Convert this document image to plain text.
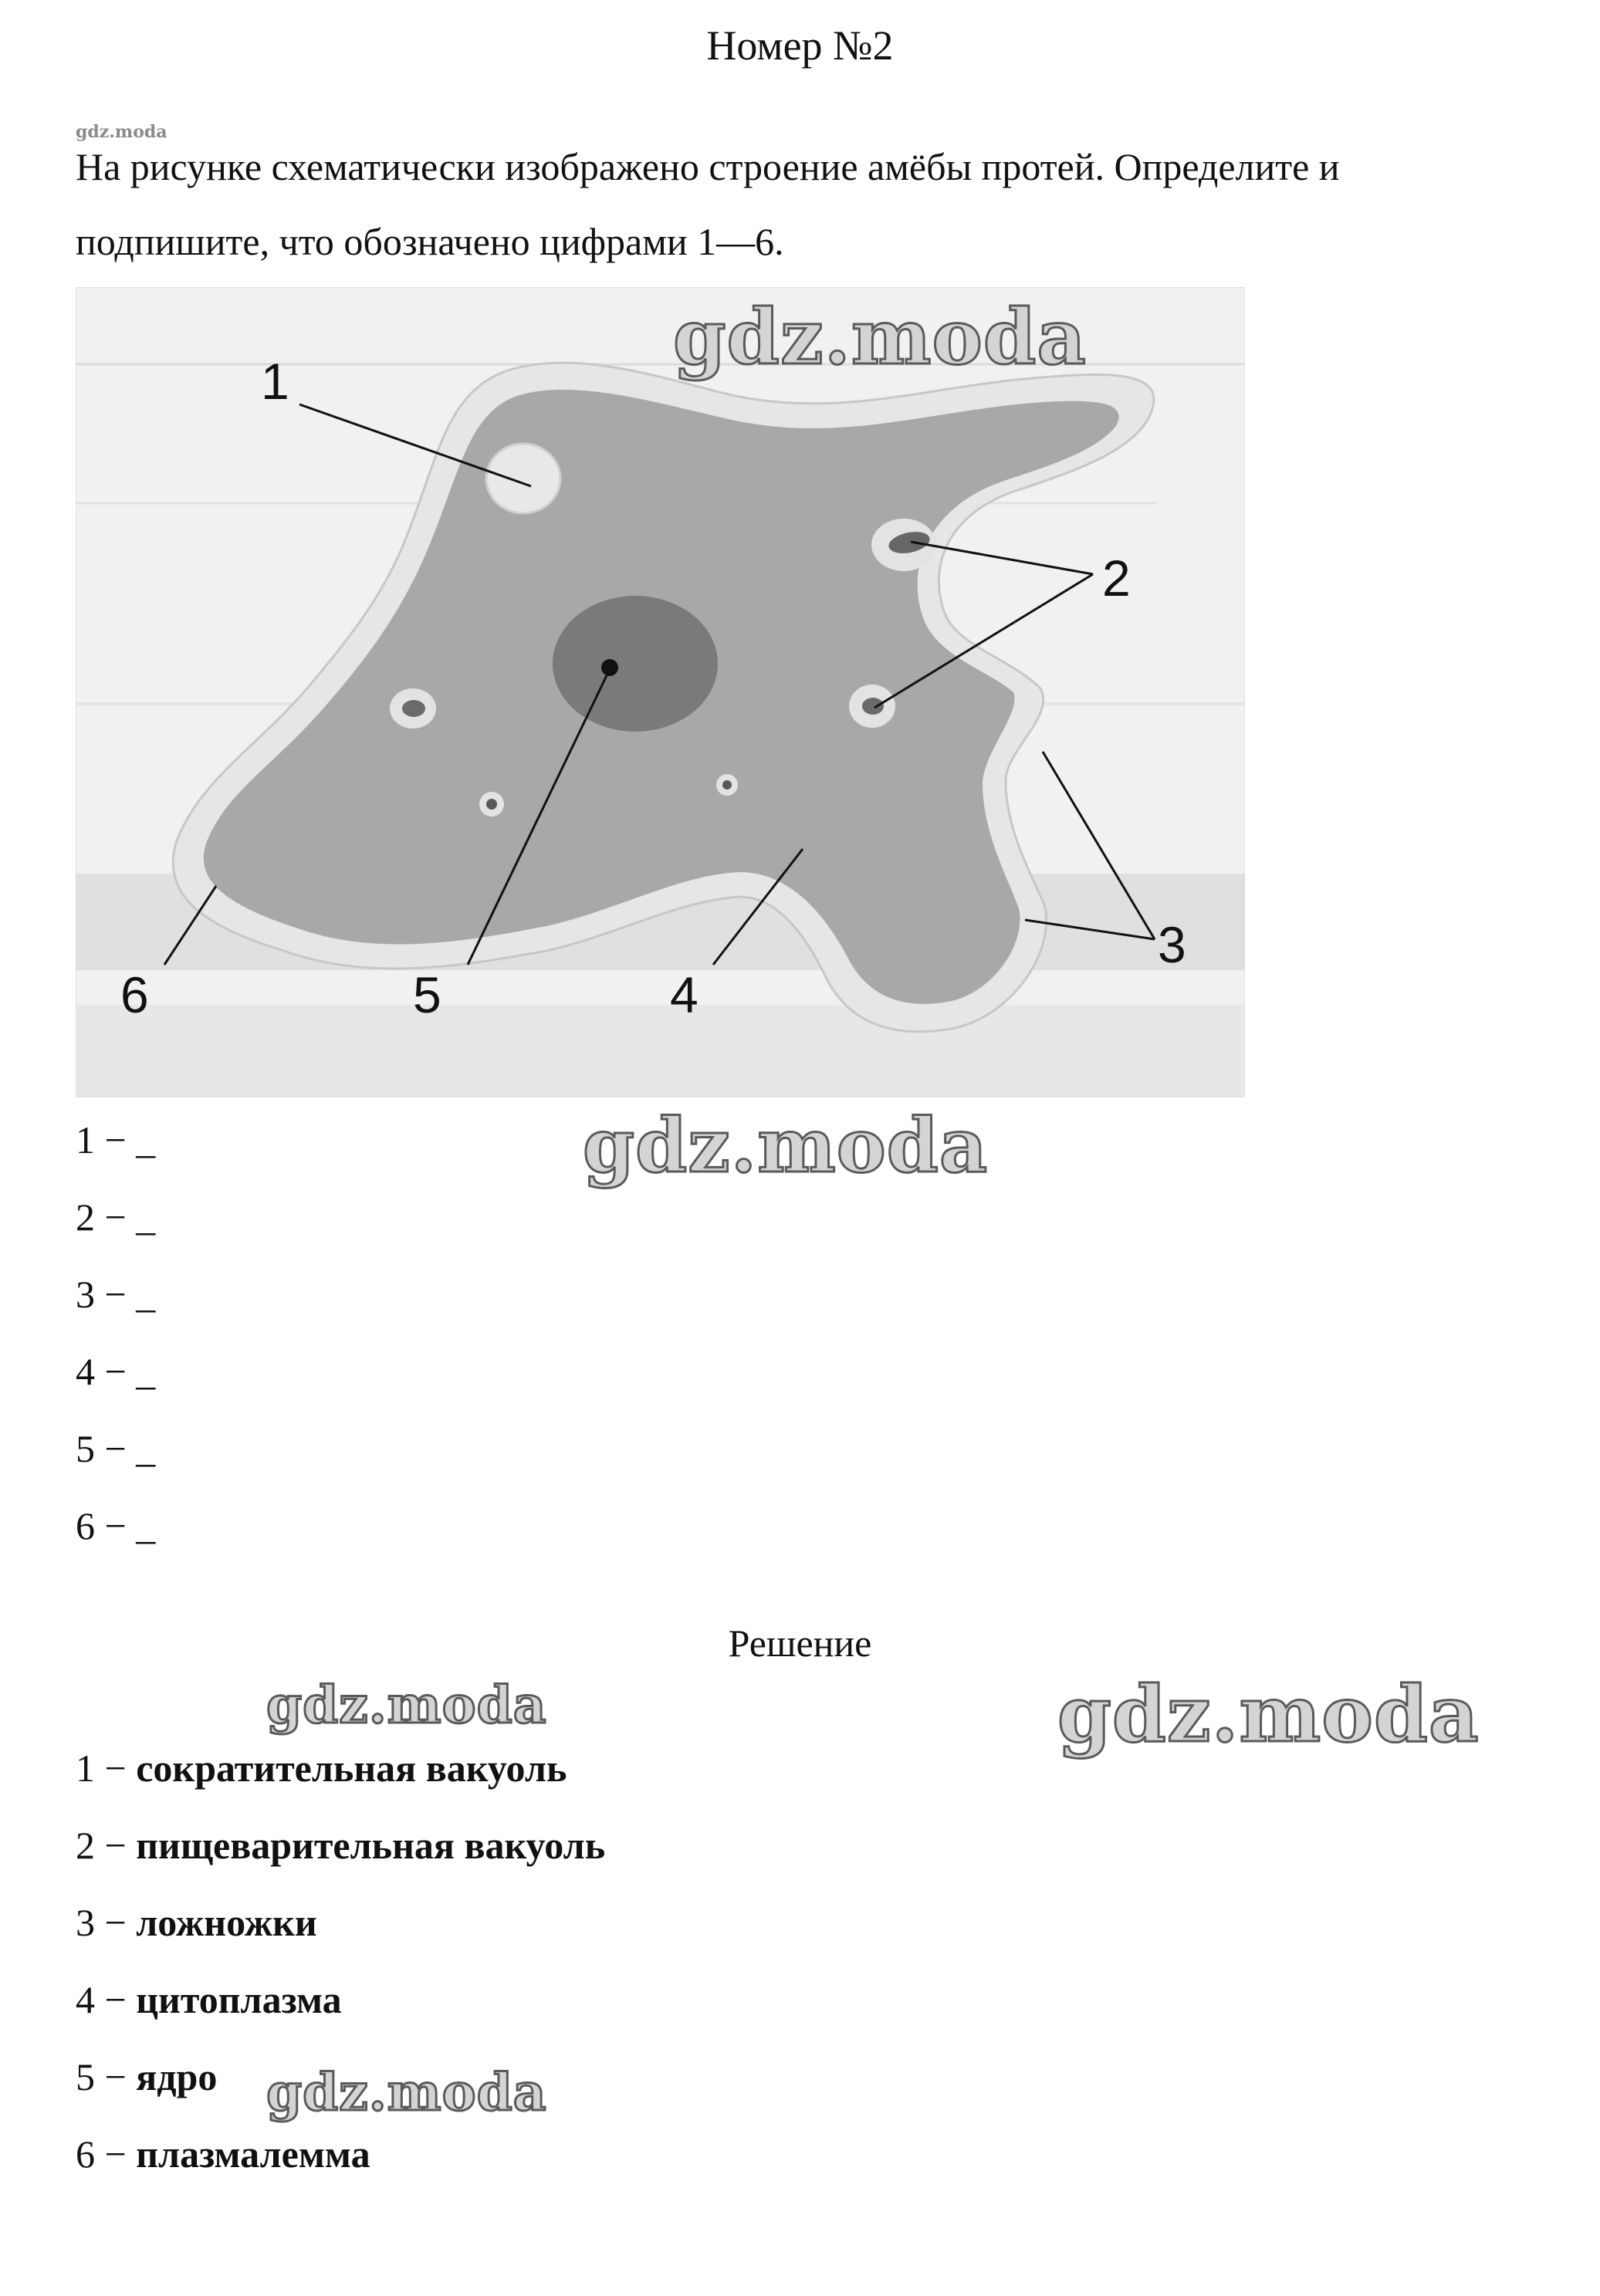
Номер №2
gdz.moda
На рисунке схематически изображено строение амёбы протей. Определите и подпишите, что обозначено цифрами 1—6.
1
2
3
4
5
6
gdz.moda
1 − _
2 − _
3 − _
4 − _
5 − _
6 − _
gdz.moda
Решение
gdz.moda	gdz.moda
1 − сократительная вакуоль
2 − пищеварительная вакуоль
3 − ложножки
4 − цитоплазма
5 − ядро
6 − плазмалемма
gdz.moda
